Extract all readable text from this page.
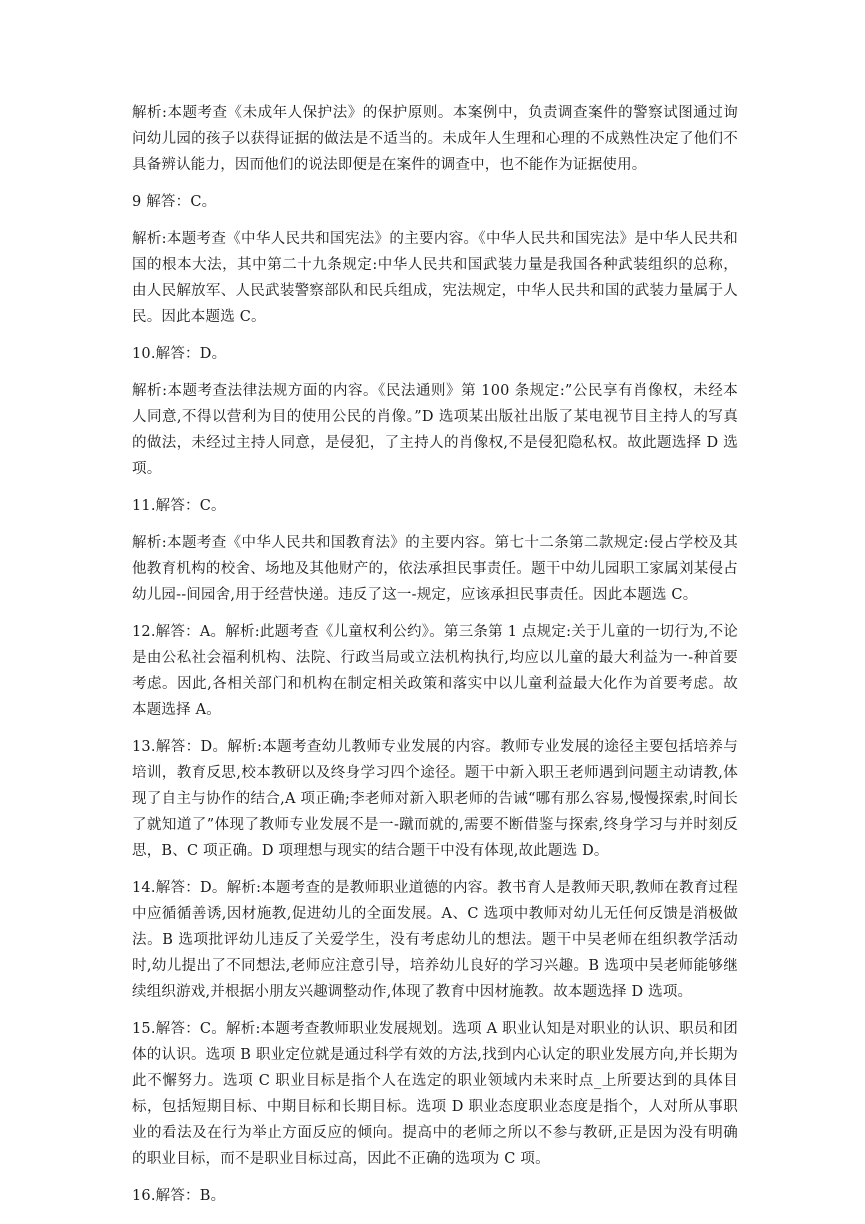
解析:本题考查《未成年人保护法》的保护原则。本案例中，负责调查案件的警察试图通过询问幼儿园的孩子以获得证据的做法是不适当的。未成年人生理和心理的不成熟性决定了他们不具备辨认能力，因而他们的说法即便是在案件的调查中，也不能作为证据使用。

9 解答：C。

解析:本题考查《中华人民共和国宪法》的主要内容。《中华人民共和国宪法》是中华人民共和国的根本大法，其中第二十九条规定:中华人民共和国武装力量是我国各种武装组织的总称，由人民解放军、人民武装警察部队和民兵组成，宪法规定，中华人民共和国的武装力量属于人民。因此本题选 C。

10.解答：D。

解析:本题考查法律法规方面的内容。《民法通则》第 100 条规定:”公民享有肖像权，未经本人同意,不得以营利为目的使用公民的肖像。”D 选项某出版社出版了某电视节目主持人的写真的做法，未经过主持人同意，是侵犯，了主持人的肖像权,不是侵犯隐私权。故此题选择 D 选项。

11.解答：C。

解析:本题考查《中华人民共和国教育法》的主要内容。第七十二条第二款规定:侵占学校及其他教育机构的校舍、场地及其他财产的，依法承担民事责任。题干中幼儿园职工家属刘某侵占幼儿园--间园舍,用于经营快递。违反了这一-规定，应该承担民事责任。因此本题选 C。

12.解答：A。解析:此题考查《儿童权利公约》。第三条第 1 点规定:关于儿童的一切行为,不论是由公私社会福利机构、法院、行政当局或立法机构执行,均应以儿童的最大利益为一-种首要考虑。因此,各相关部门和机构在制定相关政策和落实中以儿童利益最大化作为首要考虑。故本题选择 A。

13.解答：D。解析:本题考查幼儿教师专业发展的内容。教师专业发展的途径主要包括培养与培训，教育反思,校本教研以及终身学习四个途径。题干中新入职王老师遇到问题主动请教,体现了自主与协作的结合,A 项正确;李老师对新入职老师的告诫“哪有那么容易,慢慢探索,时间长了就知道了”体现了教师专业发展不是一-蹴而就的,需要不断借鉴与探索,终身学习与并时刻反思，B、C 项正确。D 项理想与现实的结合题干中没有体现,故此题选 D。

14.解答：D。解析:本题考查的是教师职业道德的内容。教书育人是教师天职,教师在教育过程中应循循善诱,因材施教,促进幼儿的全面发展。A、C 选项中教师对幼儿无任何反馈是消极做法。B 选项批评幼儿违反了关爱学生，没有考虑幼儿的想法。题干中吴老师在组织教学活动时,幼儿提出了不同想法,老师应注意引导，培养幼儿良好的学习兴趣。B 选项中吴老师能够继续组织游戏,并根据小朋友兴趣调整动作,体现了教育中因材施教。故本题选择 D 选项。

15.解答：C。解析:本题考查教师职业发展规划。选项 A 职业认知是对职业的认识、职员和团体的认识。选项 B 职业定位就是通过科学有效的方法,找到内心认定的职业发展方向,并长期为此不懈努力。选项 C 职业目标是指个人在选定的职业领域内未来时点_上所要达到的具体目标，包括短期目标、中期目标和长期目标。选项 D 职业态度职业态度是指个，人对所从事职业的看法及在行为举止方面反应的倾向。提高中的老师之所以不参与教研,正是因为没有明确的职业目标，而不是职业目标过高，因此不正确的选项为 C 项。

16.解答：B。
